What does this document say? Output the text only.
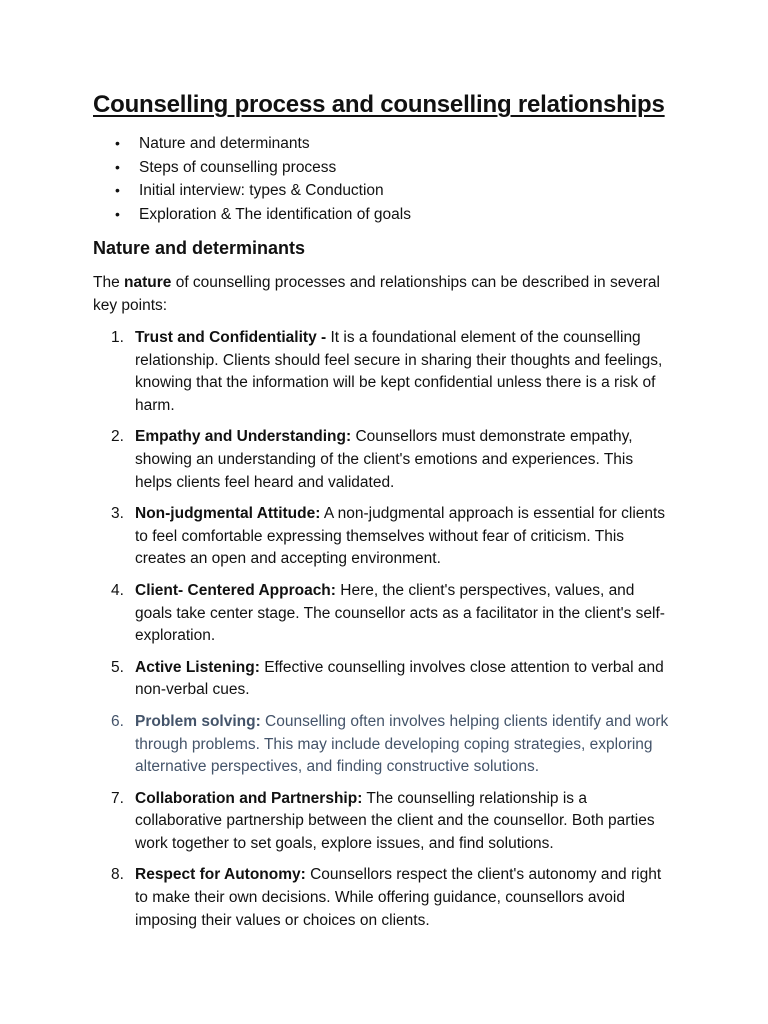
Counselling process and counselling relationships
• Nature and determinants
• Steps of counselling process
• Initial interview: types & Conduction
• Exploration & The identification of goals
Nature and determinants

The nature of counselling processes and relationships can be described in several key points:

1. Trust and Confidentiality - It is a foundational element of the counselling relationship. Clients should feel secure in sharing their thoughts and feelings, knowing that the information will be kept confidential unless there is a risk of harm.
2. Empathy and Understanding: Counsellors must demonstrate empathy, showing an understanding of the client's emotions and experiences. This helps clients feel heard and validated.
3. Non-judgmental Attitude: A non-judgmental approach is essential for clients to feel comfortable expressing themselves without fear of criticism. This creates an open and accepting environment.
4. Client- Centered Approach: Here, the client's perspectives, values, and goals take center stage. The counsellor acts as a facilitator in the client's self-exploration.
5. Active Listening: Effective counselling involves close attention to verbal and non-verbal cues.
6. Problem solving: Counselling often involves helping clients identify and work through problems. This may include developing coping strategies, exploring alternative perspectives, and finding constructive solutions.
7. Collaboration and Partnership: The counselling relationship is a collaborative partnership between the client and the counsellor. Both parties work together to set goals, explore issues, and find solutions.
8. Respect for Autonomy: Counsellors respect the client's autonomy and right to make their own decisions. While offering guidance, counsellors avoid imposing their values or choices on clients.
